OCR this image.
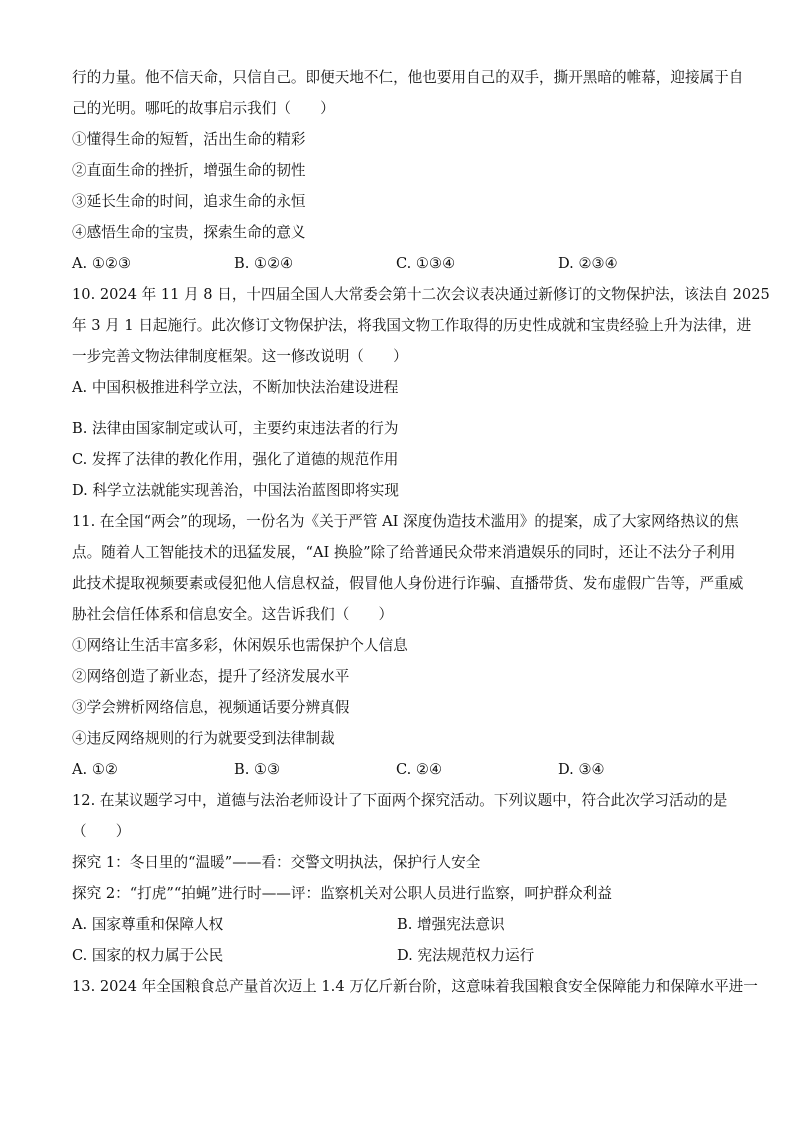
行的力量。他不信天命，只信自己。即便天地不仁，他也要用自己的双手，撕开黑暗的帷幕，迎接属于自
己的光明。哪吒的故事启示我们（　　）
①懂得生命的短暂，活出生命的精彩
②直面生命的挫折，增强生命的韧性
③延长生命的时间，追求生命的永恒
④感悟生命的宝贵，探索生命的意义
A. ①②③	B. ①②④	C. ①③④	D. ②③④
10. 2024 年 11 月 8 日，十四届全国人大常委会第十二次会议表决通过新修订的文物保护法，该法自 2025
年 3 月 1 日起施行。此次修订文物保护法，将我国文物工作取得的历史性成就和宝贵经验上升为法律，进
一步完善文物法律制度框架。这一修改说明（　　）
A. 中国积极推进科学立法，不断加快法治建设进程
B. 法律由国家制定或认可，主要约束违法者的行为
C. 发挥了法律的教化作用，强化了道德的规范作用
D. 科学立法就能实现善治，中国法治蓝图即将实现
11. 在全国“两会”的现场，一份名为《关于严管 AI 深度伪造技术滥用》的提案，成了大家网络热议的焦
点。随着人工智能技术的迅猛发展，“AI 换脸”除了给普通民众带来消遣娱乐的同时，还让不法分子利用
此技术提取视频要素或侵犯他人信息权益，假冒他人身份进行诈骗、直播带货、发布虚假广告等，严重威
胁社会信任体系和信息安全。这告诉我们（　　）
①网络让生活丰富多彩，休闲娱乐也需保护个人信息
②网络创造了新业态，提升了经济发展水平
③学会辨析网络信息，视频通话要分辨真假
④违反网络规则的行为就要受到法律制裁
A. ①②	B. ①③	C. ②④	D. ③④
12. 在某议题学习中，道德与法治老师设计了下面两个探究活动。下列议题中，符合此次学习活动的是
（　　）
探究 1：冬日里的“温暖”——看：交警文明执法，保护行人安全
探究 2：“打虎”“拍蝇”进行时——评：监察机关对公职人员进行监察，呵护群众利益
A. 国家尊重和保障人权	B. 增强宪法意识
C. 国家的权力属于公民	D. 宪法规范权力运行
13. 2024 年全国粮食总产量首次迈上 1.4 万亿斤新台阶，这意味着我国粮食安全保障能力和保障水平进一
